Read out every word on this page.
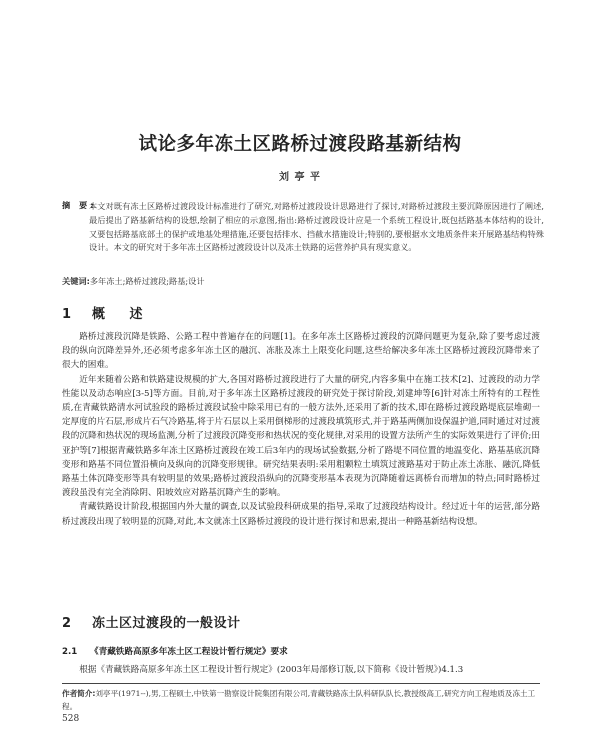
试论多年冻土区路桥过渡段路基新结构
刘 亭 平
摘 要:
本文对既有冻土区路桥过渡段设计标准进行了研究,对路桥过渡段设计思路进行了探讨,对路桥过渡段主要沉降原因进行了阐述,最后提出了路基新结构的设想,绘制了相应的示意图,指出:路桥过渡段设计应是一个系统工程设计,既包括路基本体结构的设计,又要包括路基底部土的保护或地基处理措施,还要包括排水、挡截水措施设计;特别的,要根据水文地质条件来开展路基结构特殊设计。本文的研究对于多年冻土区路桥过渡段设计以及冻土铁路的运营养护具有现实意义。
关键词:多年冻土;路桥过渡段;路基;设计
1 概 述

路桥过渡段沉降是铁路、公路工程中普遍存在的问题[1]。在多年冻土区路桥过渡段的沉降问题更为复杂,除了要考虑过渡段的纵向沉降差异外,还必须考虑多年冻土区的融沉、冻胀及冻土上限变化问题,这些给解决多年冻土区路桥过渡段沉降带来了很大的困难。

近年来随着公路和铁路建设规模的扩大,各国对路桥过渡段进行了大量的研究,内容多集中在施工技术[2]、过渡段的动力学性能以及动态响应[3-5]等方面。目前,对于多年冻土区路桥过渡段的研究处于探讨阶段,刘建坤等[6]针对冻土所特有的工程性质,在青藏铁路清水河试验段的路桥过渡段试验中除采用已有的一般方法外,还采用了新的技术,即在路桥过渡段路堤底层堆砌一定厚度的片石层,形成片石气冷路基,将于片石层以上采用倒梯形的过渡段填筑形式,并于路基两侧加设保温护道,同时通过对过渡段的沉降和热状况的现场监测,分析了过渡段沉降变形和热状况的变化规律,对采用的设置方法所产生的实际效果进行了评价;田亚护等[7]根据青藏铁路多年冻土区路桥过渡段在竣工后3年内的现场试验数据,分析了路堤不同位置的地温变化、路基基底沉降变形和路基不同位置沿横向及纵向的沉降变形规律。研究结果表明:采用粗颗粒土填筑过渡路基对于防止冻土冻胀、融沉,降低路基土体沉降变形等具有较明显的效果;路桥过渡段沿纵向的沉降变形基本表现为沉降随着远离桥台而增加的特点;同时路桥过渡段虽没有完全消除阴、阳坡效应对路基沉降产生的影响。

青藏铁路设计阶段,根据国内外大量的调查,以及试验段科研成果的指导,采取了过渡段结构设计。经过近十年的运营,部分路桥过渡段出现了较明显的沉降,对此,本文就冻土区路桥过渡段的设计进行探讨和思索,提出一种路基新结构设想。

2 冻土区过渡段的一般设计
2.1 《青藏铁路高原多年冻土区工程设计暂行规定》要求

根据《青藏铁路高原多年冻土区工程设计暂行规定》(2003年局部修订版,以下简称《设计暂规》)4.1.3

作者简介:刘亭平(1971--),男,工程硕士,中铁第一勘察设计院集团有限公司,青藏铁路冻土队科研队队长,教授级高工,研究方向工程地质及冻土工程。
528
